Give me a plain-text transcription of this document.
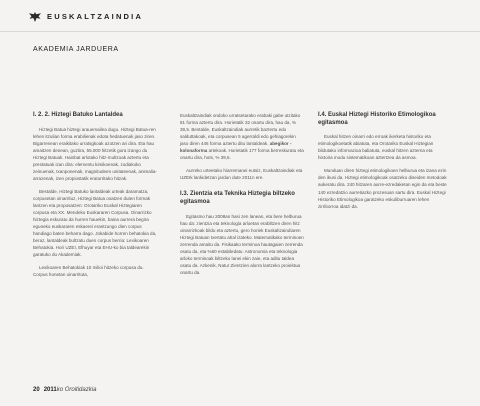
EUSKALTZAINDIA
AKADEMIA JARDUERA
I. 2. 2. Hiztegi Batuko Lantaldea

Hiztegi Batua hiztegi arauemailea dugu. Hiztegi Batua-ren lehen itzulian forma erabilienak edota hedatuenak jaso ziren. Bigarrenean eraikitako urratsgkoak azotzen ari dira. Eta hau amaitzen denean, guztira, 55.000 hitzetik gora izango du Hiztegi Batuak. Hainbat arlotako hitz-multzoak aztertu eta prestatuak izan dira: elementu kimikoenak, zodiakoko zeinuenak, txanponenak, magnitudeen unitateenak, animalia-arrazenak, izen propiostatik eratorritako hitzak.

Bestalde, Hiztegi Batuko lantaldeak urteak daramatza, corpusetan oinarrituz, Hiztegi Batua osatzen duten formak lantzen eta proposatzen: Orotariko Euskal Hiztegiaren corpusa eta XX. Mendeko Euskararen Corpusa. Oinarrizko hiztegia eskuratu da hurren hauekin, baina aurrera begira eguneko euskararen eskaerei erantzungo dien corpus handiago baten beharra dago. Jokabide horren behatokia da, beraz, lantaldeak bultzatu duen corpus berria: Lexikoaren Behatokia. Hori UZEI, Elhuyar eta EHU-ko bia taldearekin garatuko du Akademiak.

Lexikoaren Behatokiak 10 milioi hitzeko corpusa du. Corpus honetan oinarrituta,

Euskaltzaindiak ondoko urratsetarako erabaki gabe utzitako 81 forma aztertu dira. Horietatik 32 onartu dira, hau da, % 39,5. Bestalde, Euskaltzaindiak aurretik baztertu edo salduttakoak, eta corpusean 5 agerraldi edo gehiagorekin jaso diren 446 forma aztertu ditu lantaldeak. abegikor - kolonaforma artekoak. Horietatik 177 forma berreskuratu eta onartu dira, hots, % 39,6.

Aurreko urteetako hiarremanei eutsiz, Euskaltzaindiak eta UZEIk lankidetzan jardun dute 2011n ere.

I.3. Zientzia eta Teknika Hiztegia biltzeko egitasmoa

Egitasmo hau 2008an hasi zen lanean, eta bere helburua hau da: zientzia eta teknologia arloetan erabiltzen diren hitz oinarrizkoak bildu eta aztertu, gero horiek Euskaltzaindiaren Hiztegi Batuan txertatu ahal izateko. Matematikako terminoen zerrenda amaitu da. Fisikaako terminoa hautagaien zerrenda osatu da, eta %60 estabiledatu. Astronomia eta teknologia arloko terminoak biltzeko lanei ekin zaie, eta aditu taldea osatu da. Azkenik, Natur Zientzien alorra lantzeko proiektua onartu da.

I.4. Euskal Hiztegi Historiko Etimologikoa egitasmoa

Euskal hitzen oinarri edo erroak ikerketa historiko eta etimologikoetatik abiatuta, eta Orotariko Euskal Hiztegian bildutako informazioa baliatuta, euskal hitzen azterna eta historia modu sistematikoan aztertzea da asmoa.

Munduan diren hiztegi etimologikoen helburua eta izana ezin den ikusi da. Hiztegi etimologikoak osatzeko diseiden metodoak aukeratu dira. 240 hitzaren aurre-ezredaketan egin da eta beste 140 ezredatzio aurretiazko prozesuan sartu dira. Euskal Hiztegi Historiko Etimologikoa garatzeko eskuliburruaren lehen zirriborroa idatzi da.

20 2011ko Oroitidazkia
